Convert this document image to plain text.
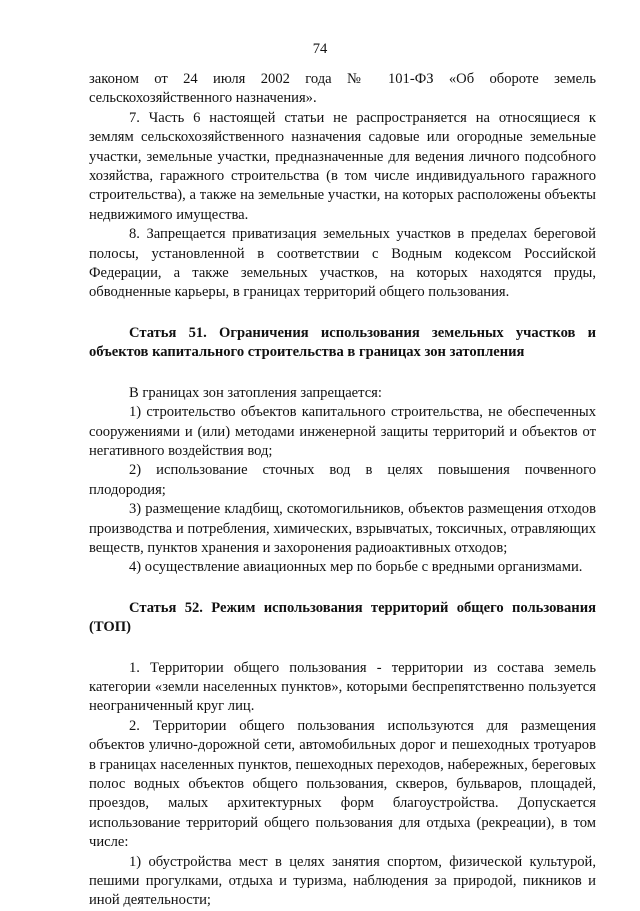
74

законом от 24 июля 2002 года № 101-ФЗ «Об обороте земель сельскохозяйственного назначения».

7. Часть 6 настоящей статьи не распространяется на относящиеся к землям сельскохозяйственного назначения садовые или огородные земельные участки, земельные участки, предназначенные для ведения личного подсобного хозяйства, гаражного строительства (в том числе индивидуального гаражного строительства), а также на земельные участки, на которых расположены объекты недвижимого имущества.

8. Запрещается приватизация земельных участков в пределах береговой полосы, установленной в соответствии с Водным кодексом Российской Федерации, а также земельных участков, на которых находятся пруды, обводненные карьеры, в границах территорий общего пользования.

Статья 51. Ограничения использования земельных участков и объектов капитального строительства в границах зон затопления

В границах зон затопления запрещается:

1) строительство объектов капитального строительства, не обеспеченных сооружениями и (или) методами инженерной защиты территорий и объектов от негативного воздействия вод;

2) использование сточных вод в целях повышения почвенного плодородия;

3) размещение кладбищ, скотомогильников, объектов размещения отходов производства и потребления, химических, взрывчатых, токсичных, отравляющих веществ, пунктов хранения и захоронения радиоактивных отходов;

4) осуществление авиационных мер по борьбе с вредными организмами.

Статья 52. Режим использования территорий общего пользования (ТОП)

1. Территории общего пользования - территории из состава земель категории «земли населенных пунктов», которыми беспрепятственно пользуется неограниченный круг лиц.

2. Территории общего пользования используются для размещения объектов улично-дорожной сети, автомобильных дорог и пешеходных тротуаров в границах населенных пунктов, пешеходных переходов, набережных, береговых полос водных объектов общего пользования, скверов, бульваров, площадей, проездов, малых архитектурных форм благоустройства. Допускается использование территорий общего пользования для отдыха (рекреации), в том числе:

1) обустройства мест в целях занятия спортом, физической культурой, пешими прогулками, отдыха и туризма, наблюдения за природой, пикников и иной деятельности;
